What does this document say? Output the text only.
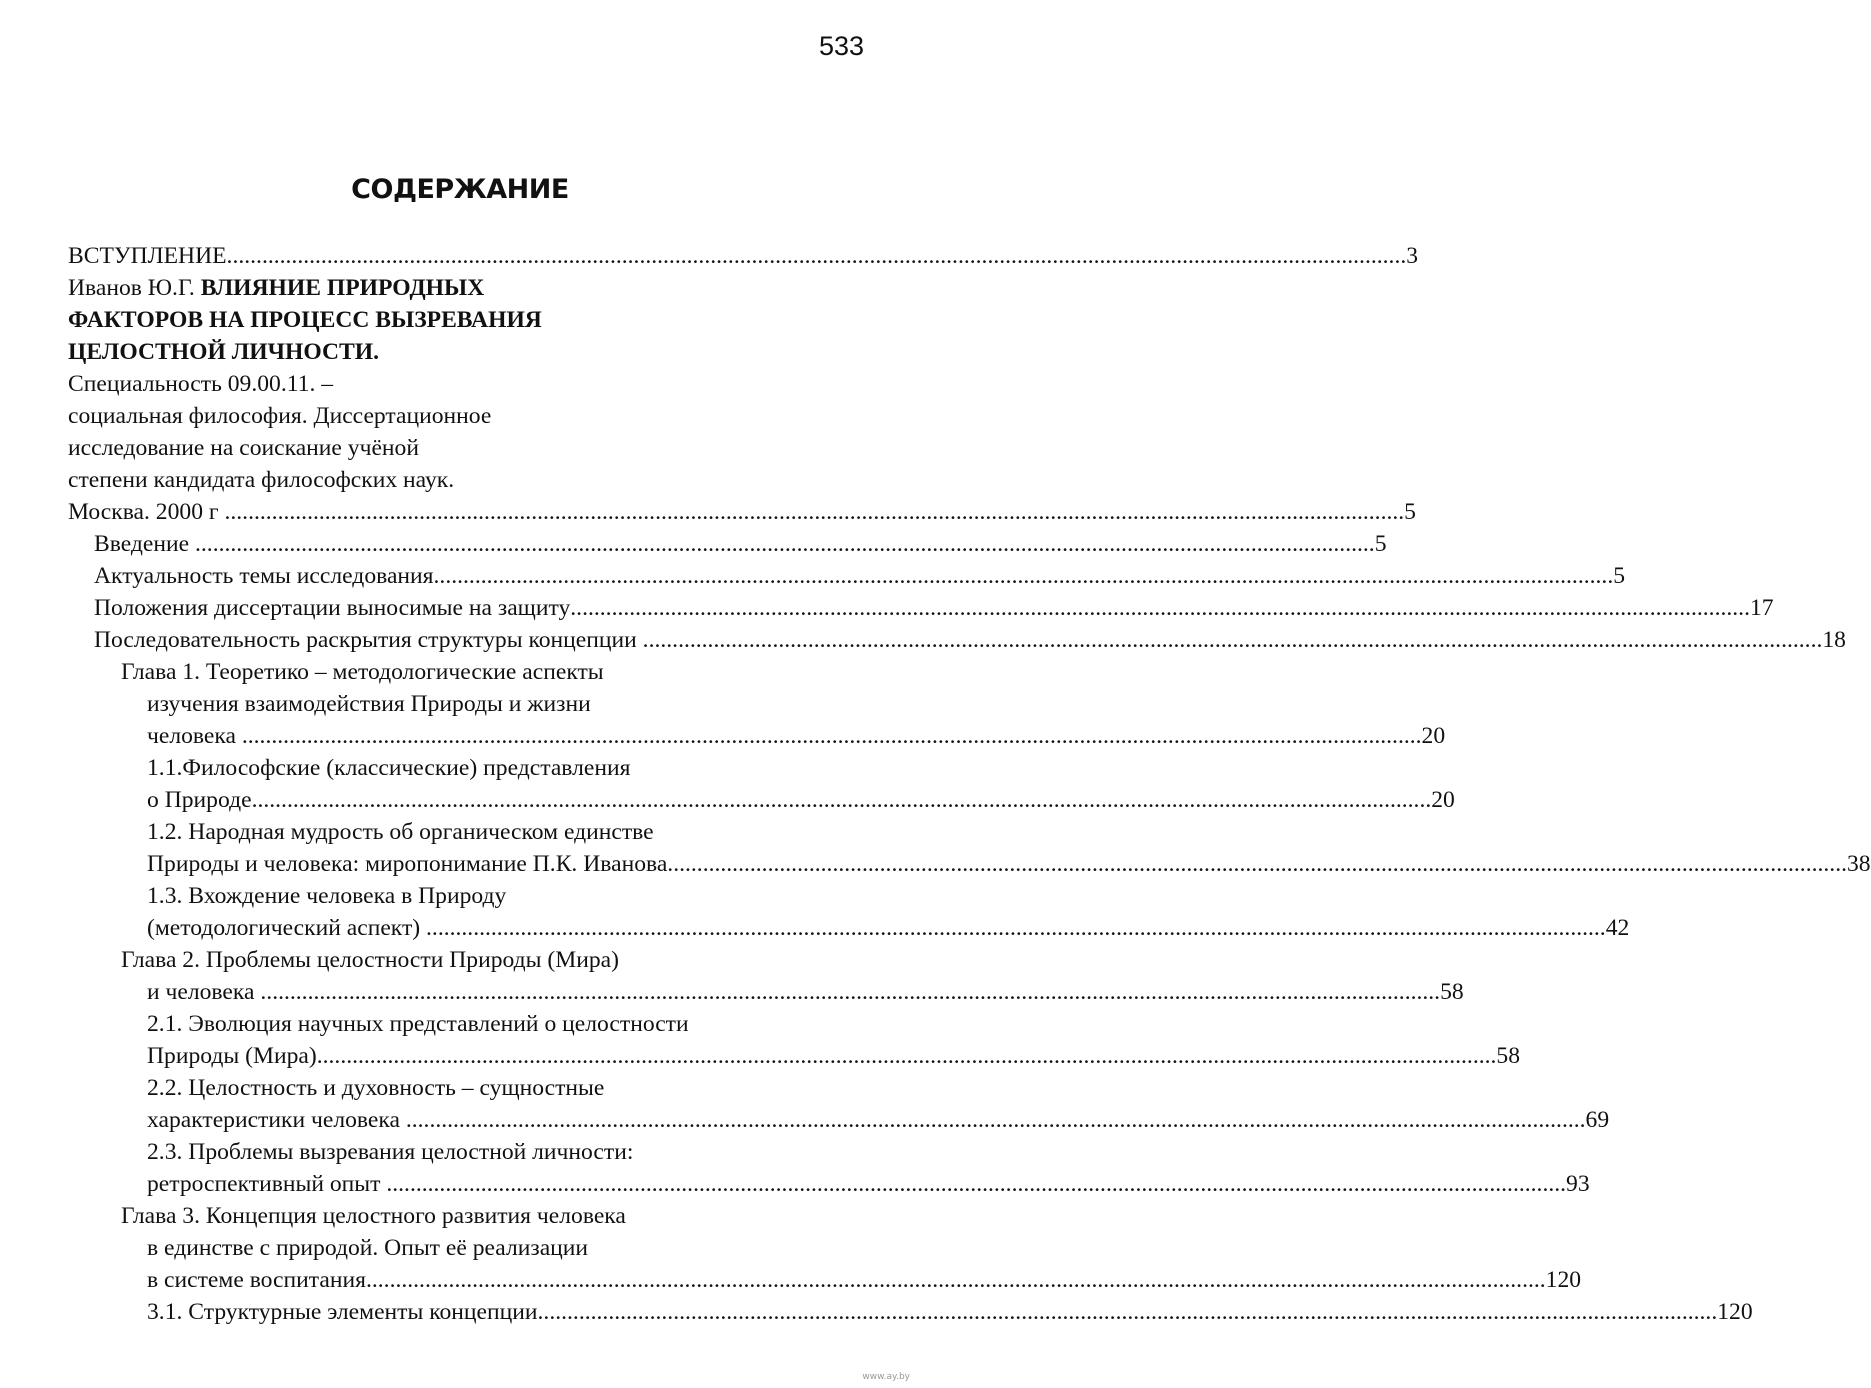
533
СОДЕРЖАНИЕ
ВСТУПЛЕНИЕ ........................................................................................................................................................................................................ 3
Иванов Ю.Г. ВЛИЯНИЕ ПРИРОДНЫХ
ФАКТОРОВ НА ПРОЦЕСС ВЫЗРЕВАНИЯ
ЦЕЛОСТНОЙ ЛИЧНОСТИ.
Специальность 09.00.11. –
социальная философия. Диссертационное
исследование на соискание учёной
степени кандидата философских наук.
Москва. 2000 г ........................................................................................................................................................................................................ 5
Введение ........................................................................................................................................................................................................ 5
Актуальность темы исследования ........................................................................................................................................................................................................ 5
Положения диссертации выносимые на защиту ........................................................................................................................................................................................................ 17
Последовательность раскрытия структуры концепции ........................................................................................................................................................................................................ 18
Глава 1. Теоретико – методологические аспекты
изучения взаимодействия Природы и жизни
человека ........................................................................................................................................................................................................ 20
1.1.Философские (классические) представления
о Природе ........................................................................................................................................................................................................ 20
1.2. Народная мудрость об органическом единстве
Природы и человека: миропонимание П.К. Иванова ........................................................................................................................................................................................................ 38
1.3. Вхождение человека в Природу
(методологический аспект) ........................................................................................................................................................................................................ 42
Глава 2. Проблемы целостности Природы (Мира)
и человека ........................................................................................................................................................................................................ 58
2.1. Эволюция научных представлений о целостности
Природы (Мира) ........................................................................................................................................................................................................ 58
2.2. Целостность и духовность – сущностные
характеристики человека ........................................................................................................................................................................................................ 69
2.3. Проблемы вызревания целостной личности:
ретроспективный опыт ........................................................................................................................................................................................................ 93
Глава 3. Концепция целостного развития человека
в единстве с природой. Опыт её реализации
в системе воспитания ........................................................................................................................................................................................................ 120
3.1. Структурные элементы концепции ........................................................................................................................................................................................................ 120
www.ay.by
